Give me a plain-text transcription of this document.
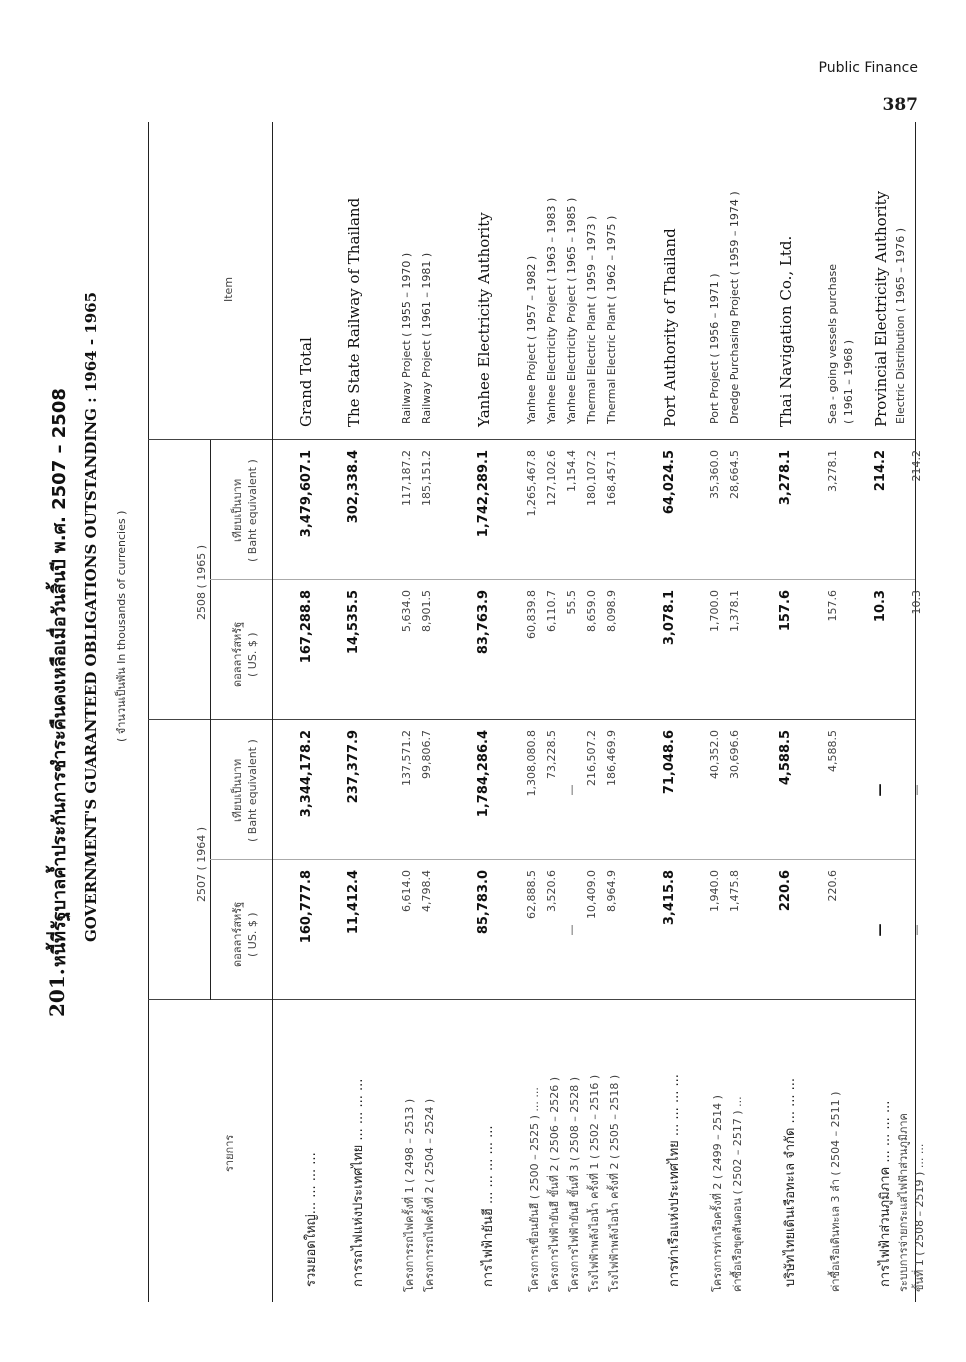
Public Finance
387
201.
หนี้ที่รัฐบาลค้ำประกันการชำระคืนคงเหลือเมื่อวันสิ้นปี พ.ศ. 2507 – 2508 GOVERNMENT'S GUARANTEED OBLIGATIONS OUTSTANDING : 1964 - 1965 ( จำนวนเป็นพัน In thousands of currencies )
รายการ
2507 ( 1964 )
2508 ( 1965 )
ดอลลาร์สหรัฐ ( US. $ )
เทียบเป็นบาท ( Baht equivalent )
ดอลลาร์สหรัฐ ( US. $ )
เทียบเป็นบาท ( Baht equivalent )
Item
รวมยอดใหญ่... ... ... ...
160,777.8
3,344,178.2
167,288.8
3,479,607.1
Grand Total
การรถไฟแห่งประเทศไทย ... ... ... ...
11,412.4
237,377.9
14,535.5
302,338.4
The State Railway of Thailand
โครงการรถไฟครั้งที่ 1 ( 2498 – 2513 )
6,614.0
137,571.2
5,634.0
117,187.2
Railway Project ( 1955 – 1970 )
โครงการรถไฟครั้งที่ 2 ( 2504 – 2524 )
4,798.4
99,806.7
8,901.5
185,151.2
Railway Project ( 1961 – 1981 )
การไฟฟ้ายันฮี ... ... ... ... ...
85,783.0
1,784,286.4
83,763.9
1,742,289.1
Yanhee Electricity Authority
โครงการเขื่อนยันฮี ( 2500 – 2525 ) ... ...
62,888.5
1,308,080.8
60,839.8
1,265,467.8
Yanhee Project ( 1957 – 1982 )
โครงการไฟฟ้ายันฮี ขั้นที่ 2 ( 2506 – 2526 )
3,520.6
73,228.5
6,110.7
127,102.6
Yanhee Electricity Project ( 1963 – 1983 )
โครงการไฟฟ้ายันฮี ขั้นที่ 3 ( 2508 – 2528 )
—
—
55.5
1,154.4
Yanhee Electricity Project ( 1965 – 1985 )
โรงไฟฟ้าพลังไอน้ำ ครั้งที่ 1 ( 2502 – 2516 )
10,409.0
216,507.2
8,659.0
180,107.2
Thermal Electric Plant ( 1959 – 1973 )
โรงไฟฟ้าพลังไอน้ำ ครั้งที่ 2 ( 2505 – 2518 )
8,964.9
186,469.9
8,098.9
168,457.1
Thermal Electric Plant ( 1962 – 1975 )
การท่าเรือแห่งประเทศไทย ... ... ... ...
3,415.8
71,048.6
3,078.1
64,024.5
Port Authority of Thailand
โครงการท่าเรือครั้งที่ 2 ( 2499 – 2514 )
1,940.0
40,352.0
1,700.0
35,360.0
Port Project ( 1956 – 1971 )
ค่าซื้อเรือขุดสันดอน ( 2502 – 2517 ) ...
1,475.8
30,696.6
1,378.1
28,664.5
Dredge Purchasing Project ( 1959 – 1974 )
บริษัทไทยเดินเรือทะเล จำกัด ... ... ...
220.6
4,588.5
157.6
3,278.1
Thai Navigation Co., Ltd.
ค่าซื้อเรือเดินทะเล 3 ลำ ( 2504 – 2511 )
220.6
4,588.5
157.6
3,278.1
Sea - going vessels purchase ( 1961 – 1968 )
การไฟฟ้าส่วนภูมิภาค ... ... ... ...
—
—
10.3
214.2
Provincial Electricity Authority
ระบบการจ่ายกระแสไฟฟ้าส่วนภูมิภาค ขั้นที่ 1 ( 2508 – 2519 ) ... ...
—
—
10.3
214.2
Electric Distribution ( 1965 – 1976 )
